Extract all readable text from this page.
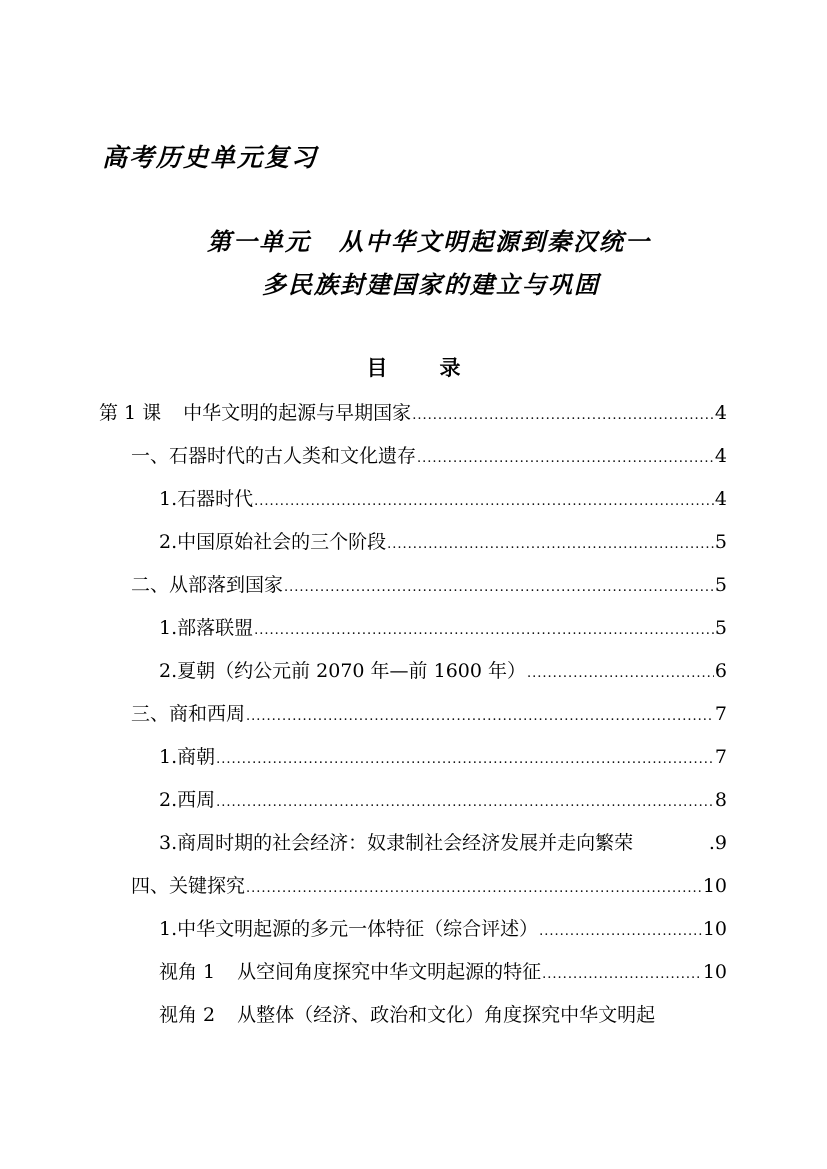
高考历史单元复习
第一单元 从中华文明起源到秦汉统一
多民族封建国家的建立与巩固
目 录
第 1 课 中华文明的起源与早期国家 .....	4
一、石器时代的古人类和文化遗存 .....	4
1.石器时代 .....	4
2.中国原始社会的三个阶段 .....	5
二、从部落到国家 .....	5
1.部落联盟 .....	5
2.夏朝（约公元前 2070 年—前 1600 年） .....	6
三、商和西周 .....	7
1.商朝 .....	7
2.西周 .....	8
3.商周时期的社会经济：奴隶制社会经济发展并走向繁荣	.9
四、关键探究 .....	10
1.中华文明起源的多元一体特征（综合评述） .....	10
视角 1 从空间角度探究中华文明起源的特征 .....	10
视角 2 从整体（经济、政治和文化）角度探究中华文明起
